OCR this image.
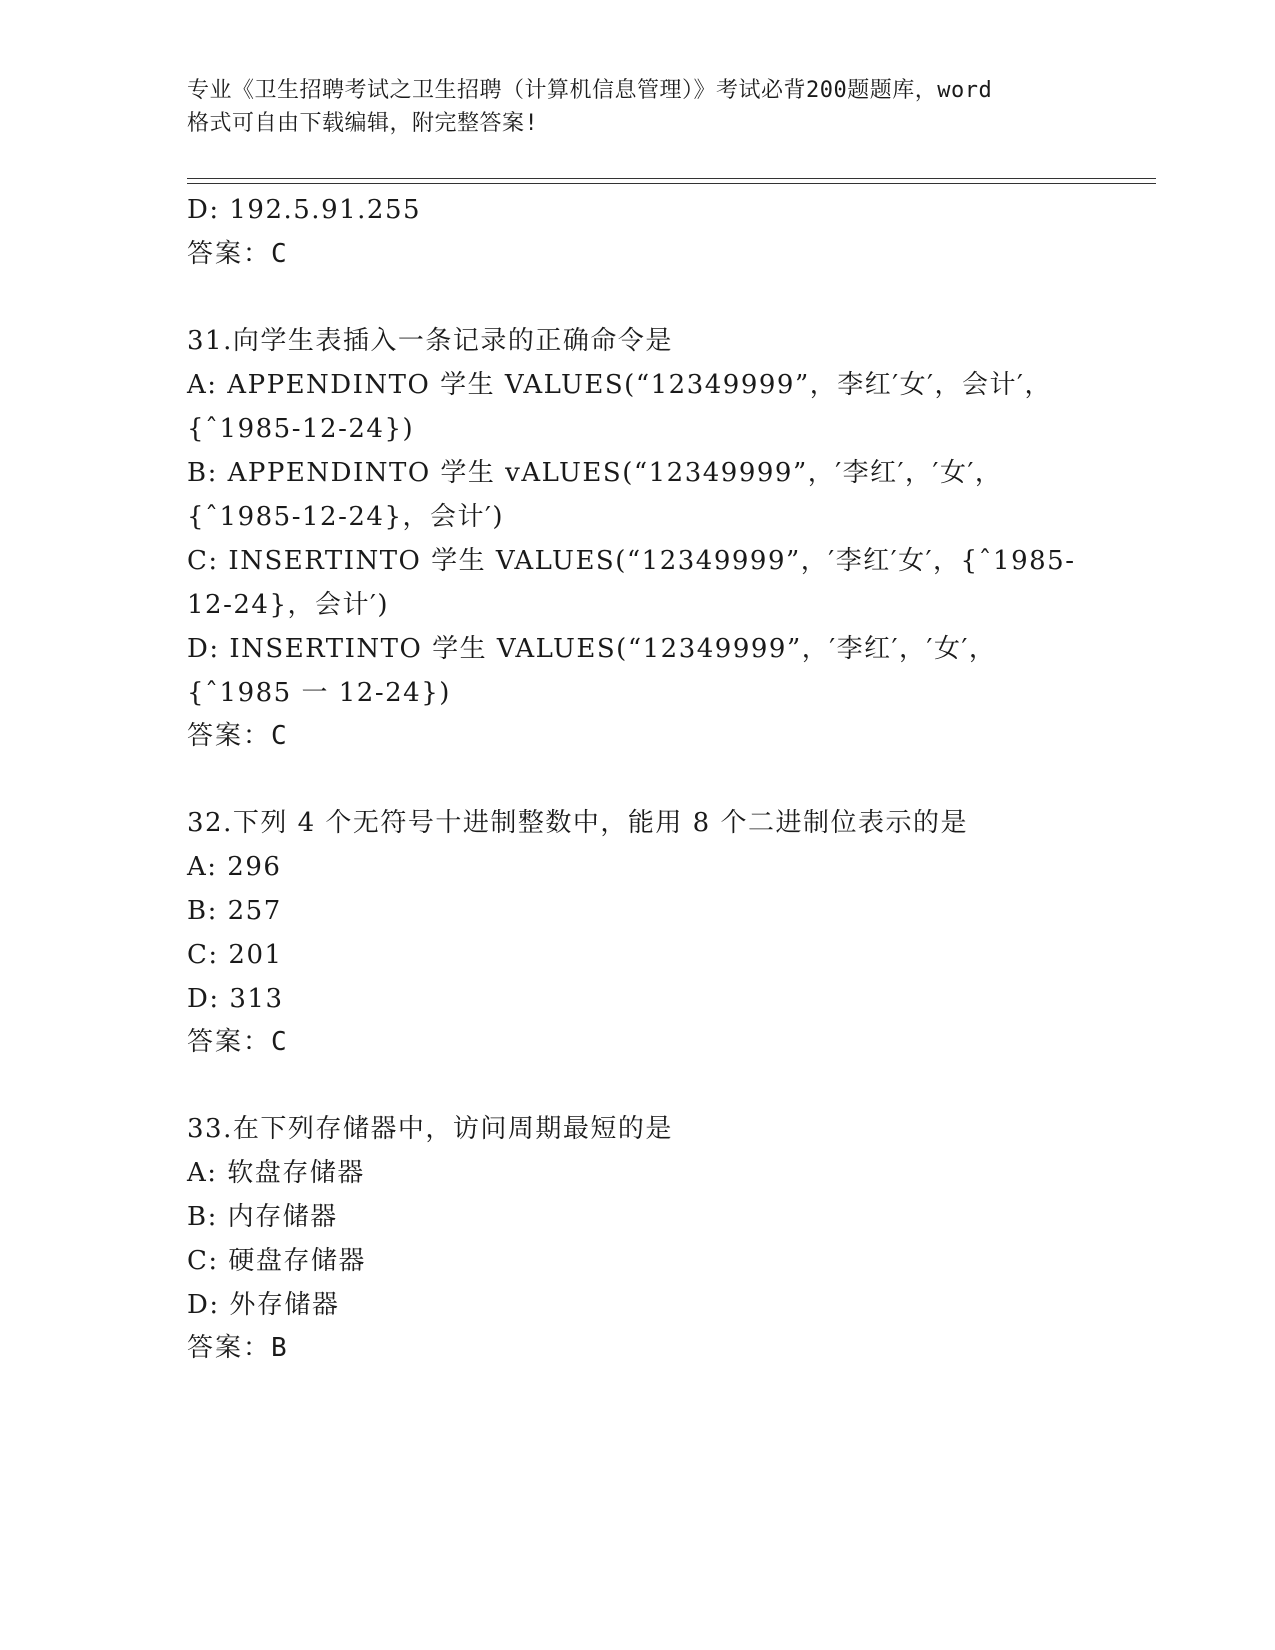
专业《卫生招聘考试之卫生招聘（计算机信息管理）》考试必背200题题库，word
格式可自由下载编辑，附完整答案!
D: 192.5.91.255
答案：C
31.向学生表插入一条记录的正确命令是
A: APPENDINTO 学生 VALUES(“12349999”，李红′女′，会计′，
{ˆ1985-12-24})
B: APPENDINTO 学生 vALUES(“12349999”，′李红′，′女′，
{ˆ1985-12-24}，会计′)
C: INSERTINTO 学生 VALUES(“12349999”，′李红′女′，{ˆ1985-
12-24}，会计′)
D: INSERTINTO 学生 VALUES(“12349999”，′李红′，′女′，
{ˆ1985 一 12-24})
答案：C
32.下列 4 个无符号十进制整数中，能用 8 个二进制位表示的是
A: 296
B: 257
C: 201
D: 313
答案：C
33.在下列存储器中，访问周期最短的是
A: 软盘存储器
B: 内存储器
C: 硬盘存储器
D: 外存储器
答案：B
